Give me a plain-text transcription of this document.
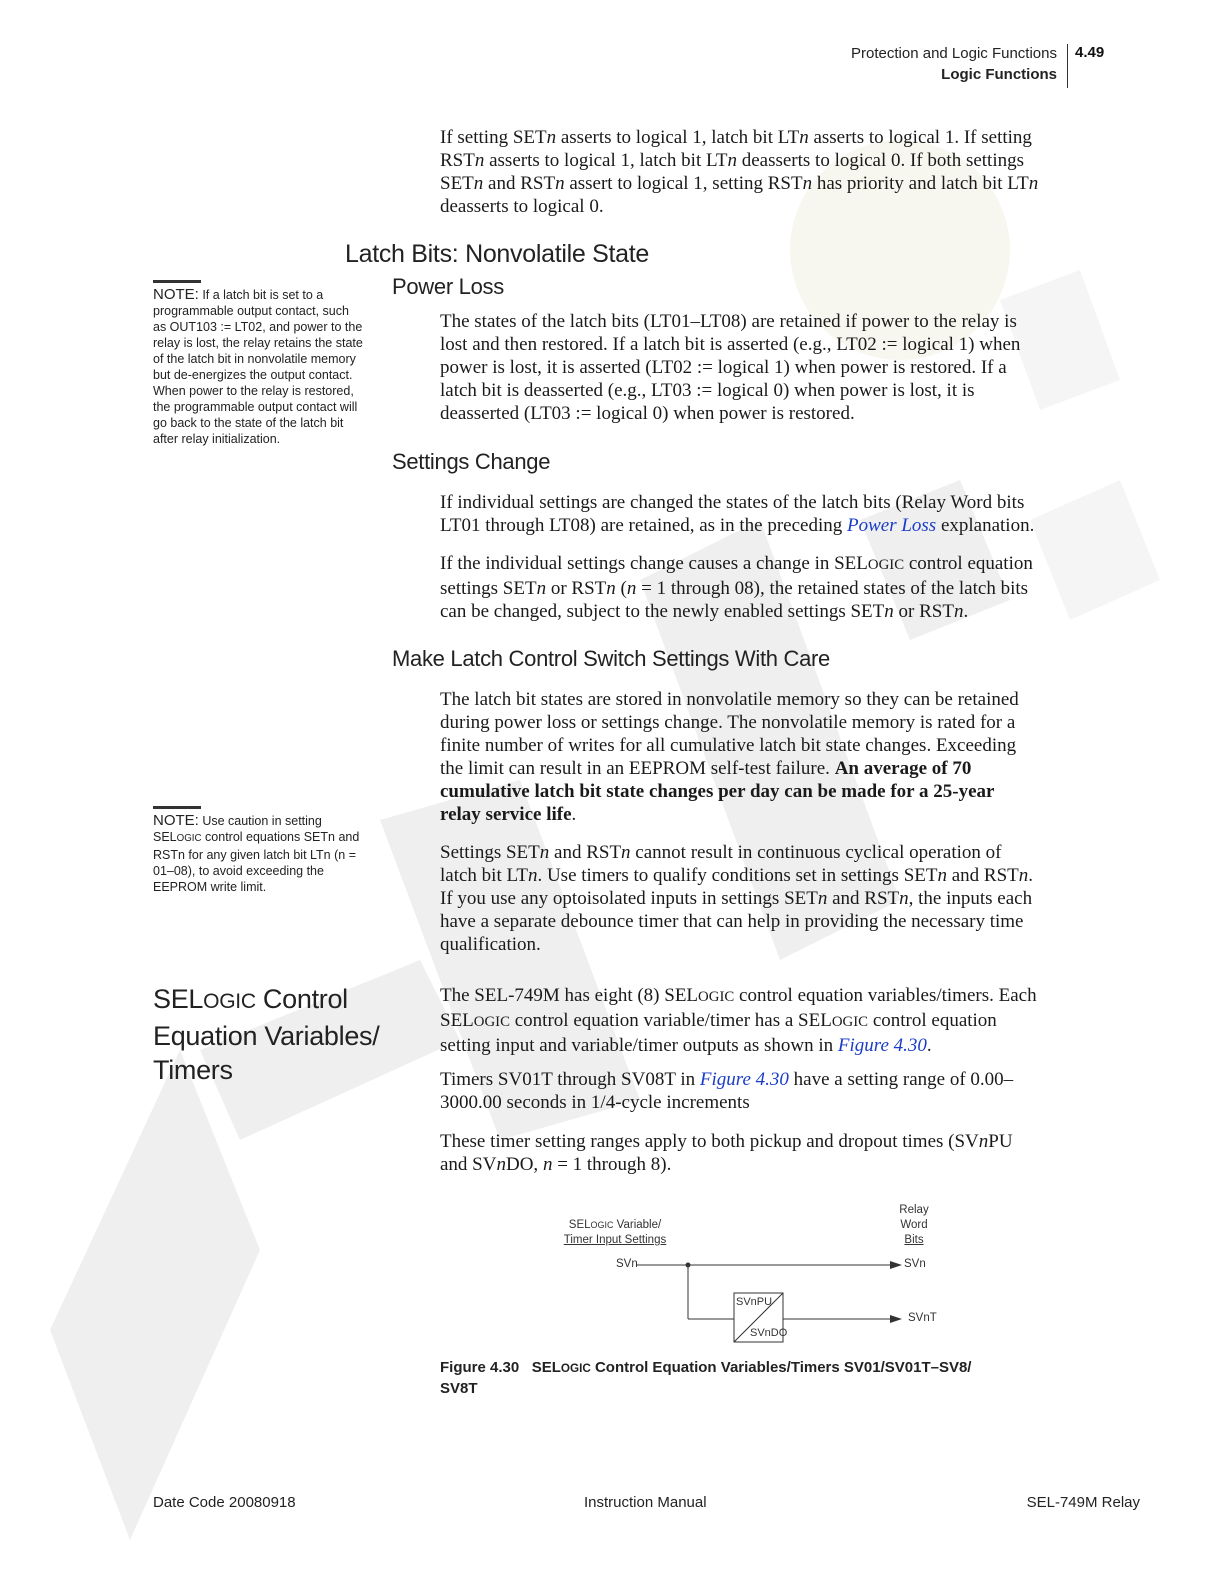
Protection and Logic Functions
Logic Functions
4.49

If setting SETn asserts to logical 1, latch bit LTn asserts to logical 1. If setting

RSTn asserts to logical 1, latch bit LTn deasserts to logical 0. If both settings

SETn and RSTn assert to logical 1, setting RSTn has priority and latch bit LTn

deasserts to logical 0.

Latch Bits: Nonvolatile State
NOTE: If a latch bit is set to a
programmable output contact, such
as OUT103 := LT02, and power to the
relay is lost, the relay retains the state
of the latch bit in nonvolatile memory
but de-energizes the output contact.
When power to the relay is restored,
the programmable output contact will
go back to the state of the latch bit
after relay initialization.
Power Loss

The states of the latch bits (LT01–LT08) are retained if power to the relay is

lost and then restored. If a latch bit is asserted (e.g., LT02 := logical 1) when

power is lost, it is asserted (LT02 := logical 1) when power is restored. If a

latch bit is deasserted (e.g., LT03 := logical 0) when power is lost, it is

deasserted (LT03 := logical 0) when power is restored.

Settings Change

If individual settings are changed the states of the latch bits (Relay Word bits

LT01 through LT08) are retained, as in the preceding Power Loss explanation.

If the individual settings change causes a change in SELOGIC control equation

settings SETn or RSTn (n = 1 through 08), the retained states of the latch bits

can be changed, subject to the newly enabled settings SETn or RSTn.

Make Latch Control Switch Settings With Care

The latch bit states are stored in nonvolatile memory so they can be retained

during power loss or settings change. The nonvolatile memory is rated for a

finite number of writes for all cumulative latch bit state changes. Exceeding

the limit can result in an EEPROM self-test failure. An average of 70

cumulative latch bit state changes per day can be made for a 25-year

relay service life.

NOTE: Use caution in setting
SELOGIC control equations SETn and
RSTn for any given latch bit LTn (n =
01–08), to avoid exceeding the
EEPROM write limit.

Settings SETn and RSTn cannot result in continuous cyclical operation of

latch bit LTn. Use timers to qualify conditions set in settings SETn and RSTn.

If you use any optoisolated inputs in settings SETn and RSTn, the inputs each

have a separate debounce timer that can help in providing the necessary time

qualification.

SELOGIC Control
Equation Variables/
Timers

The SEL-749M has eight (8) SELOGIC control equation variables/timers. Each

SELOGIC control equation variable/timer has a SELOGIC control equation

setting input and variable/timer outputs as shown in Figure 4.30.

Timers SV01T through SV08T in Figure 4.30 have a setting range of 0.00–

3000.00 seconds in 1/4-cycle increments

These timer setting ranges apply to both pickup and dropout times (SVnPU

and SVnDO, n = 1 through 8).

SELOGIC Variable/
Timer Input Settings
Relay
Word
Bits
SVn	SVn
SVnT
SVnPU
SVnDO
Figure 4.30 SELOGIC Control Equation Variables/Timers SV01/SV01T–SV8/
SV8T
Date Code 20080918	Instruction Manual	SEL-749M Relay
